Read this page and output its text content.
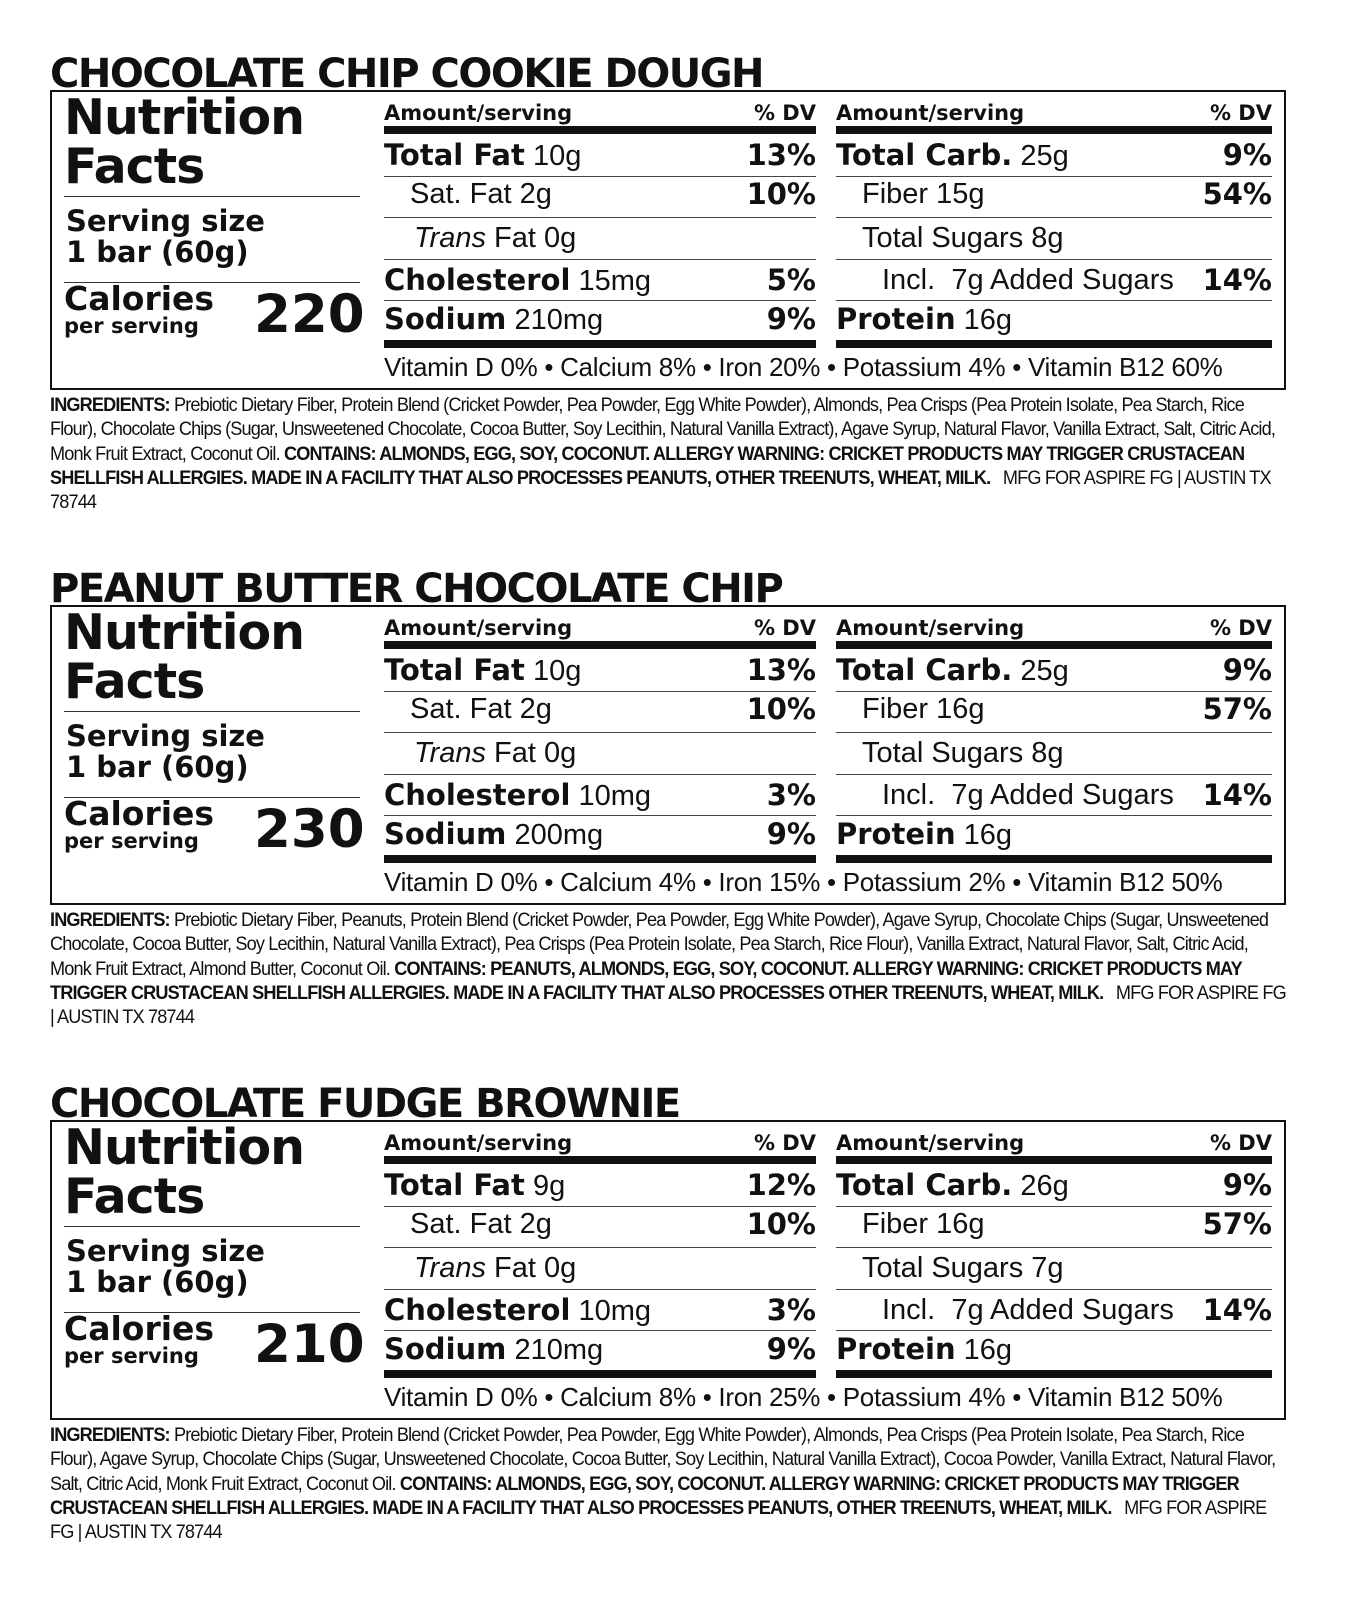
CHOCOLATE CHIP COOKIE DOUGH
Nutrition
Facts
Serving size
1 bar (60g)
Calories
per serving 220
Amount/serving	% DV
Total Fat 10g	13%
Sat. Fat 2g	10%
Trans Fat 0g
Cholesterol 15mg	5%
Sodium 210mg	9%
Amount/serving	% DV
Total Carb. 25g	9%
Fiber 15g	54%
Total Sugars 8g
Incl. 7g Added Sugars 14%
Protein 16g
Vitamin D 0% • Calcium 8% • Iron 20% • Potassium 4% • Vitamin B12 60%
INGREDIENTS: Prebiotic Dietary Fiber, Protein Blend (Cricket Powder, Pea Powder, Egg White Powder), Almonds, Pea Crisps (Pea Protein Isolate, Pea Starch, Rice Flour), Chocolate Chips (Sugar, Unsweetened Chocolate, Cocoa Butter, Soy Lecithin, Natural Vanilla Extract), Agave Syrup, Natural Flavor, Vanilla Extract, Salt, Citric Acid, Monk Fruit Extract, Coconut Oil. CONTAINS: ALMONDS, EGG, SOY, COCONUT. ALLERGY WARNING: CRICKET PRODUCTS MAY TRIGGER CRUSTACEAN SHELLFISH ALLERGIES. MADE IN A FACILITY THAT ALSO PROCESSES PEANUTS, OTHER TREENUTS, WHEAT, MILK. MFG FOR ASPIRE FG | AUSTIN TX 78744
PEANUT BUTTER CHOCOLATE CHIP
Nutrition
Facts
Serving size
1 bar (60g)
Calories
per serving 230
Amount/serving	% DV
Total Fat 10g	13%
Sat. Fat 2g	10%
Trans Fat 0g
Cholesterol 10mg	3%
Sodium 200mg	9%
Amount/serving	% DV
Total Carb. 25g	9%
Fiber 16g	57%
Total Sugars 8g
Incl. 7g Added Sugars 14%
Protein 16g
Vitamin D 0% • Calcium 4% • Iron 15% • Potassium 2% • Vitamin B12 50%
INGREDIENTS: Prebiotic Dietary Fiber, Peanuts, Protein Blend (Cricket Powder, Pea Powder, Egg White Powder), Agave Syrup, Chocolate Chips (Sugar, Unsweetened Chocolate, Cocoa Butter, Soy Lecithin, Natural Vanilla Extract), Pea Crisps (Pea Protein Isolate, Pea Starch, Rice Flour), Vanilla Extract, Natural Flavor, Salt, Citric Acid, Monk Fruit Extract, Almond Butter, Coconut Oil. CONTAINS: PEANUTS, ALMONDS, EGG, SOY, COCONUT. ALLERGY WARNING: CRICKET PRODUCTS MAY TRIGGER CRUSTACEAN SHELLFISH ALLERGIES. MADE IN A FACILITY THAT ALSO PROCESSES OTHER TREENUTS, WHEAT, MILK. MFG FOR ASPIRE FG | AUSTIN TX 78744
CHOCOLATE FUDGE BROWNIE
Nutrition
Facts
Serving size
1 bar (60g)
Calories
per serving 210
Amount/serving	% DV
Total Fat 9g	12%
Sat. Fat 2g	10%
Trans Fat 0g
Cholesterol 10mg	3%
Sodium 210mg	9%
Amount/serving	% DV
Total Carb. 26g	9%
Fiber 16g	57%
Total Sugars 7g
Incl. 7g Added Sugars 14%
Protein 16g
Vitamin D 0% • Calcium 8% • Iron 25% • Potassium 4% • Vitamin B12 50%
INGREDIENTS: Prebiotic Dietary Fiber, Protein Blend (Cricket Powder, Pea Powder, Egg White Powder), Almonds, Pea Crisps (Pea Protein Isolate, Pea Starch, Rice Flour), Agave Syrup, Chocolate Chips (Sugar, Unsweetened Chocolate, Cocoa Butter, Soy Lecithin, Natural Vanilla Extract), Cocoa Powder, Vanilla Extract, Natural Flavor, Salt, Citric Acid, Monk Fruit Extract, Coconut Oil. CONTAINS: ALMONDS, EGG, SOY, COCONUT. ALLERGY WARNING: CRICKET PRODUCTS MAY TRIGGER CRUSTACEAN SHELLFISH ALLERGIES. MADE IN A FACILITY THAT ALSO PROCESSES PEANUTS, OTHER TREENUTS, WHEAT, MILK. MFG FOR ASPIRE FG | AUSTIN TX 78744
